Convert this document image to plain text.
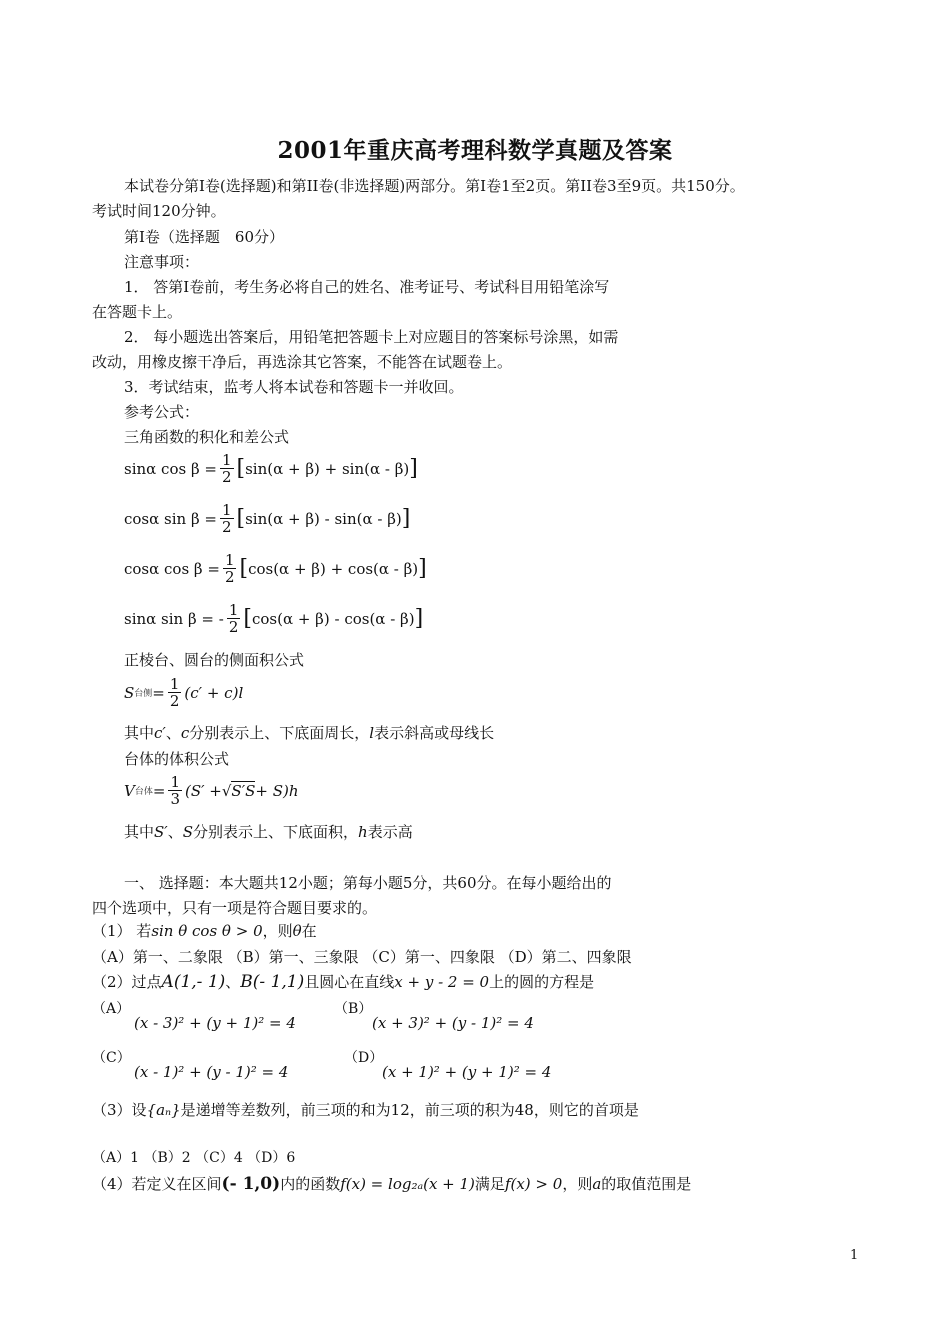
2001年重庆高考理科数学真题及答案
本试卷分第Ⅰ卷(选择题)和第II卷(非选择题)两部分。第Ⅰ卷1至2页。第II卷3至9页。共150分。
考试时间120分钟。
第Ⅰ卷（选择题　60分）
注意事项：
1． 答第Ⅰ卷前，考生务必将自己的姓名、准考证号、考试科目用铅笔涂写
在答题卡上。
2． 每小题选出答案后，用铅笔把答题卡上对应题目的答案标号涂黑，如需
改动，用橡皮擦干净后，再选涂其它答案，不能答在试题卷上。
3．考试结束，监考人将本试卷和答题卡一并收回。
参考公式：
三角函数的积化和差公式
sinα $\cos \beta = \frac{1}{2}$ [ sin(α + β) + sin(α - β) ]
cosα $\sin \beta = \frac{1}{2}$ [ sin(α + β) - sin(α - β) ]
cosα $\cos \beta = \frac{1}{2}$ [ cos(α + β) + cos(α - β) ]
sinα sin β = - $\frac{1}{2}$ [ cos(α + β) - cos(α - β) ]
正棱台、圆台的侧面积公式
S 台侧 = $\frac{1}{2} (c' + c)l$
其中c′、c分别表示上、下底面周长，l表示斜高或母线长
台体的体积公式
V 台体 = $\frac{1}{3} (S'$ + √ S′S + S)h
其中S′、S分别表示上、下底面积，h表示高
一、 选择题：本大题共12小题；第每小题5分，共60分。在每小题给出的
四个选项中，只有一项是符合题目要求的。
（1） 若sin θ cos θ > 0，则θ在
（A）第一、二象限 （B）第一、三象限 （C）第一、四象限 （D）第二、四象限
（2）过点A(1,- 1)、B(- 1,1)且圆心在直线x + y - 2 = 0上的圆的方程是
（A）
(x - 3)² + (y + 1)² = 4
（B）
(x + 3)² + (y - 1)² = 4
（C）
(x - 1)² + (y - 1)² = 4
（D）
(x + 1)² + (y + 1)² = 4
（3）设{aₙ}是递增等差数列，前三项的和为12，前三项的积为48，则它的首项是
（A）1 （B）2 （C）4 （D）6
（4）若定义在区间(- 1,0)内的函数f(x) = log₂ₐ(x + 1)满足f(x) > 0，则a的取值范围是
1
